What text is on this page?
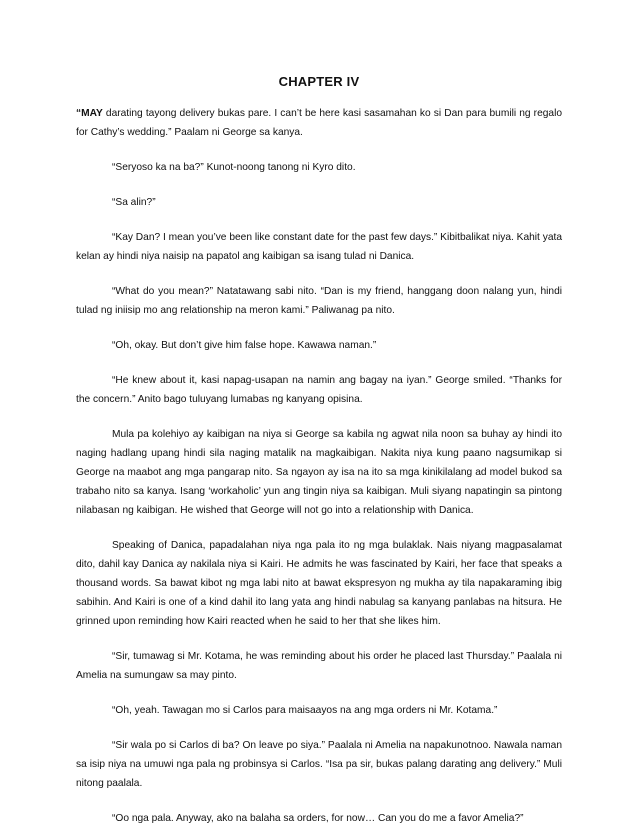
CHAPTER IV

“MAY darating tayong delivery bukas pare. I can’t be here kasi sasamahan ko si Dan para bumili ng regalo for Cathy’s wedding.” Paalam ni George sa kanya.

“Seryoso ka na ba?” Kunot-noong tanong ni Kyro dito.

“Sa alin?”

“Kay Dan? I mean you’ve been like constant date for the past few days.” Kibitbalikat niya. Kahit yata kelan ay hindi niya naisip na papatol ang kaibigan sa isang tulad ni Danica.

“What do you mean?” Natatawang sabi nito. “Dan is my friend, hanggang doon nalang yun, hindi tulad ng iniisip mo ang relationship na meron kami.” Paliwanag pa nito.

“Oh, okay. But don’t give him false hope. Kawawa naman.”

“He knew about it, kasi napag-usapan na namin ang bagay na iyan.” George smiled. “Thanks for the concern.” Anito bago tuluyang lumabas ng kanyang opisina.

Mula pa kolehiyo ay kaibigan na niya si George sa kabila ng agwat nila noon sa buhay ay hindi ito naging hadlang upang hindi sila naging matalik na magkaibigan. Nakita niya kung paano nagsumikap si George na maabot ang mga pangarap nito. Sa ngayon ay isa na ito sa mga kinikilalang ad model bukod sa trabaho nito sa kanya. Isang ‘workaholic’ yun ang tingin niya sa kaibigan. Muli siyang napatingin sa pintong nilabasan ng kaibigan. He wished that George will not go into a relationship with Danica.

Speaking of Danica, papadalahan niya nga pala ito ng mga bulaklak. Nais niyang magpasalamat dito, dahil kay Danica ay nakilala niya si Kairi. He admits he was fascinated by Kairi, her face that speaks a thousand words. Sa bawat kibot ng mga labi nito at bawat ekspresyon ng mukha ay tila napakaraming ibig sabihin. And Kairi is one of a kind dahil ito lang yata ang hindi nabulag sa kanyang panlabas na hitsura. He grinned upon reminding how Kairi reacted when he said to her that she likes him.

“Sir, tumawag si Mr. Kotama, he was reminding about his order he placed last Thursday.” Paalala ni Amelia na sumungaw sa may pinto.

“Oh, yeah. Tawagan mo si Carlos para maisaayos na ang mga orders ni Mr. Kotama.”

“Sir wala po si Carlos di ba? On leave po siya.” Paalala ni Amelia na napakunotnoo. Nawala naman sa isip niya na umuwi nga pala ng probinsya si Carlos. “Isa pa sir, bukas palang darating ang delivery.” Muli nitong paalala.

“Oo nga pala. Anyway, ako na balaha sa orders, for now… Can you do me a favor Amelia?”
